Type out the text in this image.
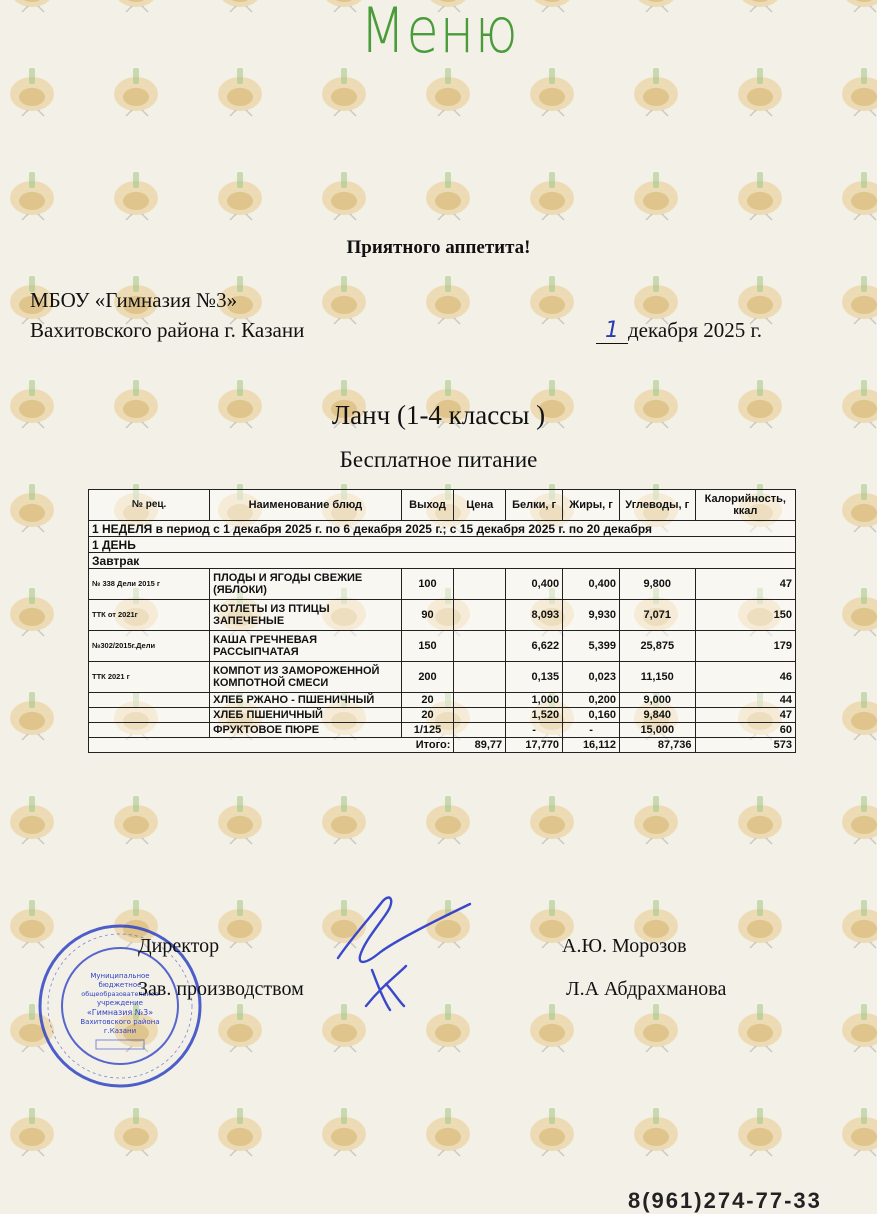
Меню
Приятного аппетита!
МБОУ «Гимназия №3»
Вахитовского района г. Казани	1 декабря 2025 г.
Ланч (1-4 классы )
Бесплатное питание
№ рец.	Наименование блюд	Выход	Цена	Белки, г	Жиры, г	Углеводы, г	Калорийность, ккал
1 НЕДЕЛЯ в период с 1 декабря 2025 г. по 6 декабря 2025 г.; с 15 декабря 2025 г. по 20 декабря							
1 ДЕНЬ							
Завтрак							
№ 338 Дели 2015 г	ПЛОДЫ И ЯГОДЫ СВЕЖИЕ (ЯБЛОКИ)	100		0,400	0,400	9,800	47
ТТК от 2021г	КОТЛЕТЫ ИЗ ПТИЦЫ ЗАПЕЧЕНЫЕ	90		8,093	9,930	7,071	150
№302/2015г.Дели	КАША ГРЕЧНЕВАЯ РАССЫПЧАТАЯ	150		6,622	5,399	25,875	179
ТТК 2021 г	КОМПОТ ИЗ ЗАМОРОЖЕННОЙ КОМПОТНОЙ СМЕСИ	200		0,135	0,023	11,150	46
	ХЛЕБ РЖАНО - ПШЕНИЧНЫЙ	20		1,000	0,200	9,000	44
	ХЛЕБ ПШЕНИЧНЫЙ	20		1,520	0,160	9,840	47
	ФРУКТОВОЕ ПЮРЕ	1/125		-	-	15,000	60
Итого:			89,77	17,770	16,112	87,736	573
Муниципальное
бюджетное
общеобразовательное
учреждение
«Гимназия №3»
Вахитовского района
г.Казани
Директор	А.Ю. Морозов
Зав. производством	Л.А Абдрахманова
8(961)274-77-33
